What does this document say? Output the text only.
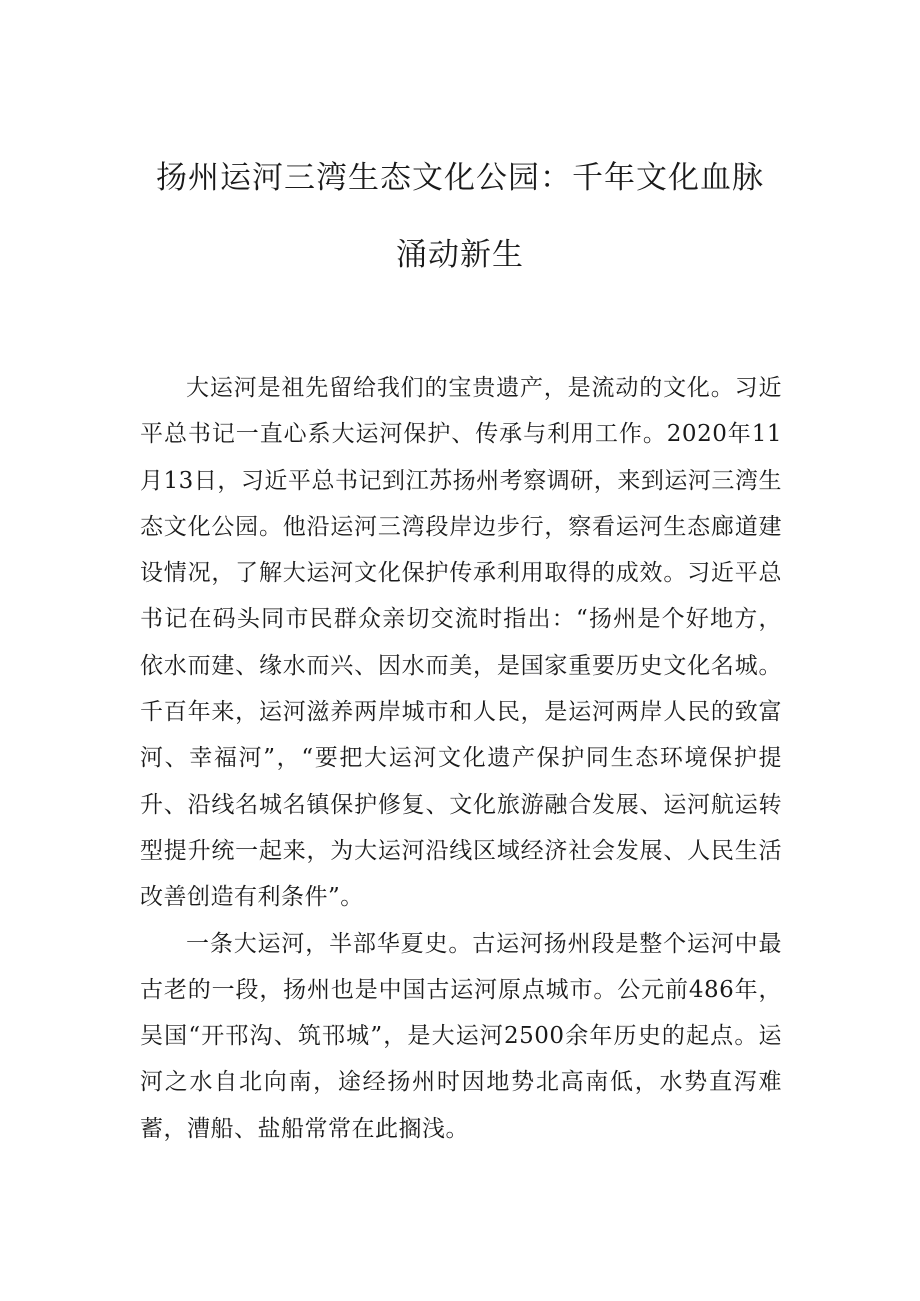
扬州运河三湾生态文化公园：千年文化血脉
涌动新生

大运河是祖先留给我们的宝贵遗产，是流动的文化。习近平总书记一直心系大运河保护、传承与利用工作。2020年11月13日，习近平总书记到江苏扬州考察调研，来到运河三湾生态文化公园。他沿运河三湾段岸边步行，察看运河生态廊道建设情况，了解大运河文化保护传承利用取得的成效。习近平总书记在码头同市民群众亲切交流时指出：“扬州是个好地方，依水而建、缘水而兴、因水而美，是国家重要历史文化名城。千百年来，运河滋养两岸城市和人民，是运河两岸人民的致富河、幸福河”，“要把大运河文化遗产保护同生态环境保护提升、沿线名城名镇保护修复、文化旅游融合发展、运河航运转型提升统一起来，为大运河沿线区域经济社会发展、人民生活改善创造有利条件”。

一条大运河，半部华夏史。古运河扬州段是整个运河中最古老的一段，扬州也是中国古运河原点城市。公元前486年，吴国“开邗沟、筑邗城”，是大运河2500余年历史的起点。运河之水自北向南，途经扬州时因地势北高南低，水势直泻难蓄，漕船、盐船常常在此搁浅。
